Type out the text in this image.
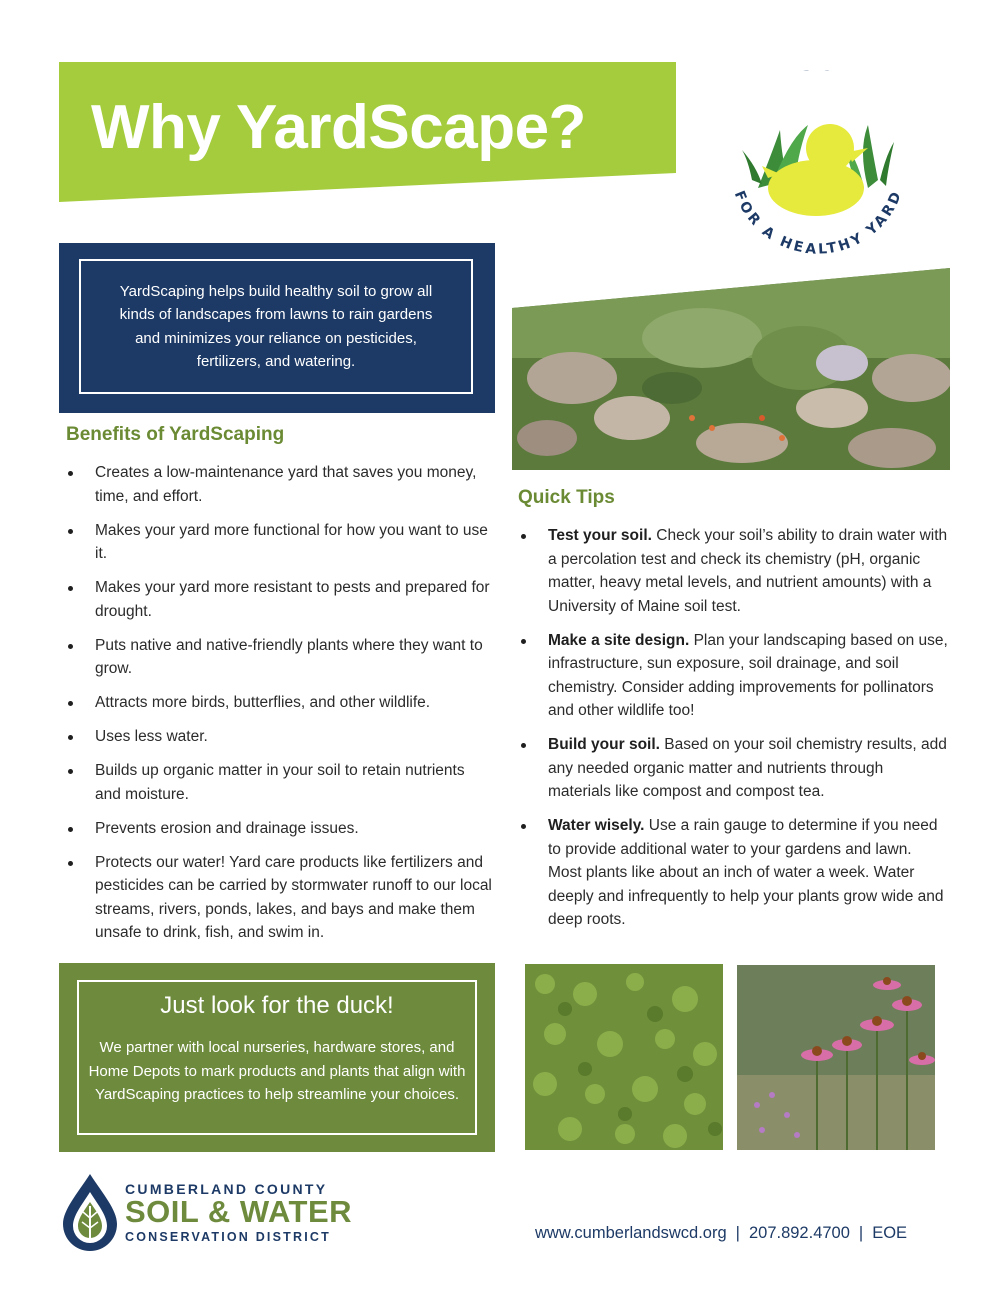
Why YardScape?
FOR A HEALTHY YARD

YardScaping helps build healthy soil to grow all kinds of landscapes from lawns to rain gardens and minimizes your reliance on pesticides, fertilizers, and watering.

Benefits of YardScaping
Creates a low-maintenance yard that saves you money, time, and effort.
Makes your yard more functional for how you want to use it.
Makes your yard more resistant to pests and prepared for drought.
Puts native and native-friendly plants where they want to grow.
Attracts more birds, butterflies, and other wildlife.
Uses less water.
Builds up organic matter in your soil to retain nutrients and moisture.
Prevents erosion and drainage issues.
Protects our water! Yard care products like fertilizers and pesticides can be carried by stormwater runoff to our local streams, rivers, ponds, lakes, and bays and make them unsafe to drink, fish, and swim in.
Quick Tips
Test your soil. Check your soil’s ability to drain water with a percolation test and check its chemistry (pH, organic matter, heavy metal levels, and nutrient amounts) with a University of Maine soil test.
Make a site design. Plan your landscaping based on use, infrastructure, sun exposure, soil drainage, and soil chemistry. Consider adding improvements for pollinators and other wildlife too!
Build your soil. Based on your soil chemistry results, add any needed organic matter and nutrients through materials like compost and compost tea.
Water wisely. Use a rain gauge to determine if you need to provide additional water to your gardens and lawn. Most plants like about an inch of water a week. Water deeply and infrequently to help your plants grow wide and deep roots.
Just look for the duck!

We partner with local nurseries, hardware stores, and Home Depots to mark products and plants that align with YardScaping practices to help streamline your choices.

CUMBERLAND COUNTY
SOIL & WATER
CONSERVATION DISTRICT	www.cumberlandswcd.org | 207.892.4700 | EOE
